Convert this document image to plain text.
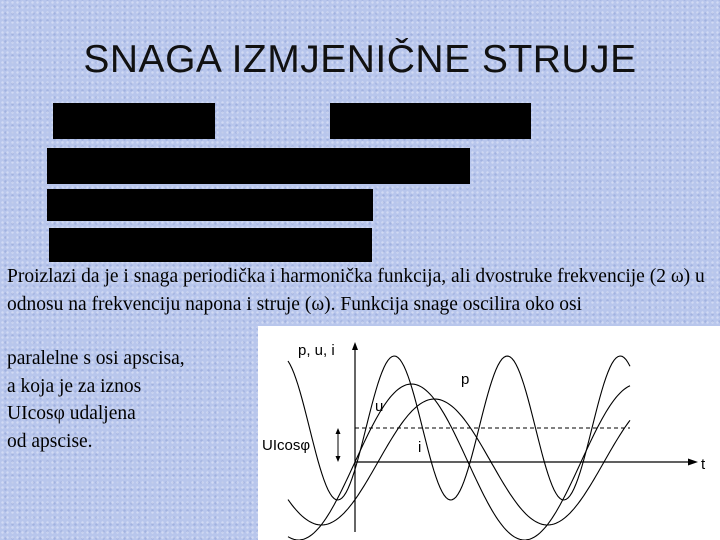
SNAGA IZMJENIČNE STRUJE
Proizlazi da je i snaga periodička i harmonička funkcija, ali dvostruke frekvencije (2 ω) u odnosu na frekvenciju napona i struje (ω). Funkcija snage oscilira oko osi
paralelne s osi apscisa,
a koja je za iznos
UIcosφ udaljena
od apscise.
p, u, i
t
UIcosφ
p
u
i
